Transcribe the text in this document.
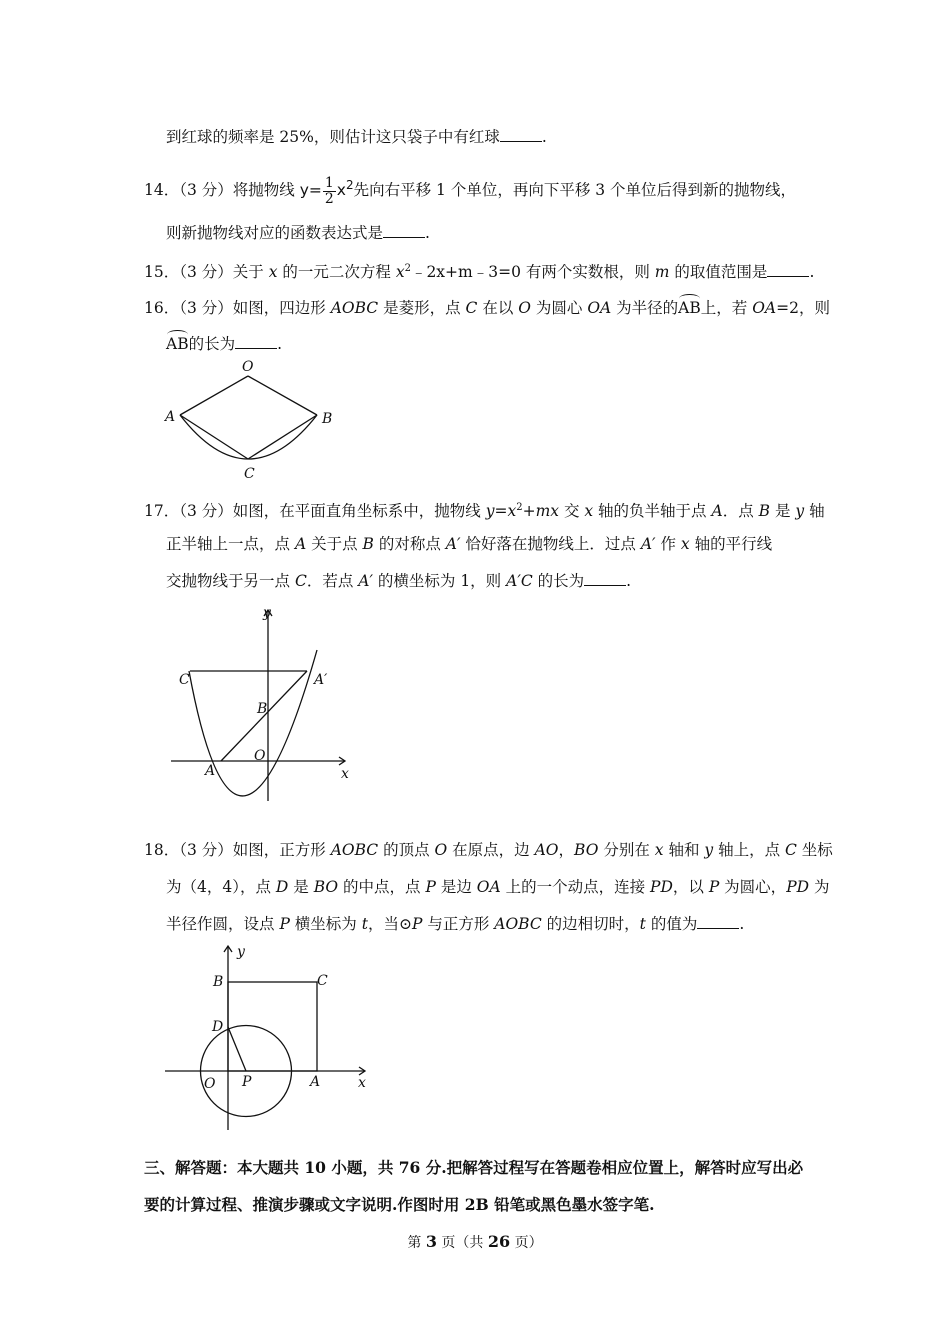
到红球的频率是 25%，则估计这只袋子中有红球	.
14．（3 分）将抛物线 $y= \frac{1}{2} x^2$先向右平移 1 个单位，再向下平移 3 个单位后得到新的抛物线，
则新抛物线对应的函数表达式是	.
15．（3 分）关于 x 的一元二次方程 $x^2﹣2x+m﹣3=0$ 有两个实数根，则 m 的取值范围是	.
16．（3 分）如图，四边形 AOBC 是菱形，点 C 在以 O 为圆心 OA 为半径的AB上，若 OA=2，则
AB的长为	.
O
A	B
C
17．（3 分）如图，在平面直角坐标系中，抛物线 $y=x^2+mx$ 交 x 轴的负半轴于点 A．点 B 是 y 轴
正半轴上一点，点 A 关于点 B 的对称点 A′ 恰好落在抛物线上．过点 A′ 作 x 轴的平行线
交抛物线于另一点 C．若点 A′ 的横坐标为 1，则 A′C 的长为	.
y
x
C	A′
B
O
A
18．（3 分）如图，正方形 AOBC 的顶点 O 在原点，边 AO，BO 分别在 x 轴和 y 轴上，点 C 坐标
为（4，4），点 D 是 BO 的中点，点 P 是边 OA 上的一个动点，连接 PD，以 P 为圆心，PD 为
半径作圆，设点 P 横坐标为 t，当⊙P 与正方形 AOBC 的边相切时，t 的值为	.
y
x
B	C
D
O P	A
三、解答题：本大题共 10 小题，共 76 分.把解答过程写在答题卷相应位置上，解答时应写出必
要的计算过程、推演步骤或文字说明.作图时用 2B 铅笔或黑色墨水签字笔.
第 3 页（共 26 页）
